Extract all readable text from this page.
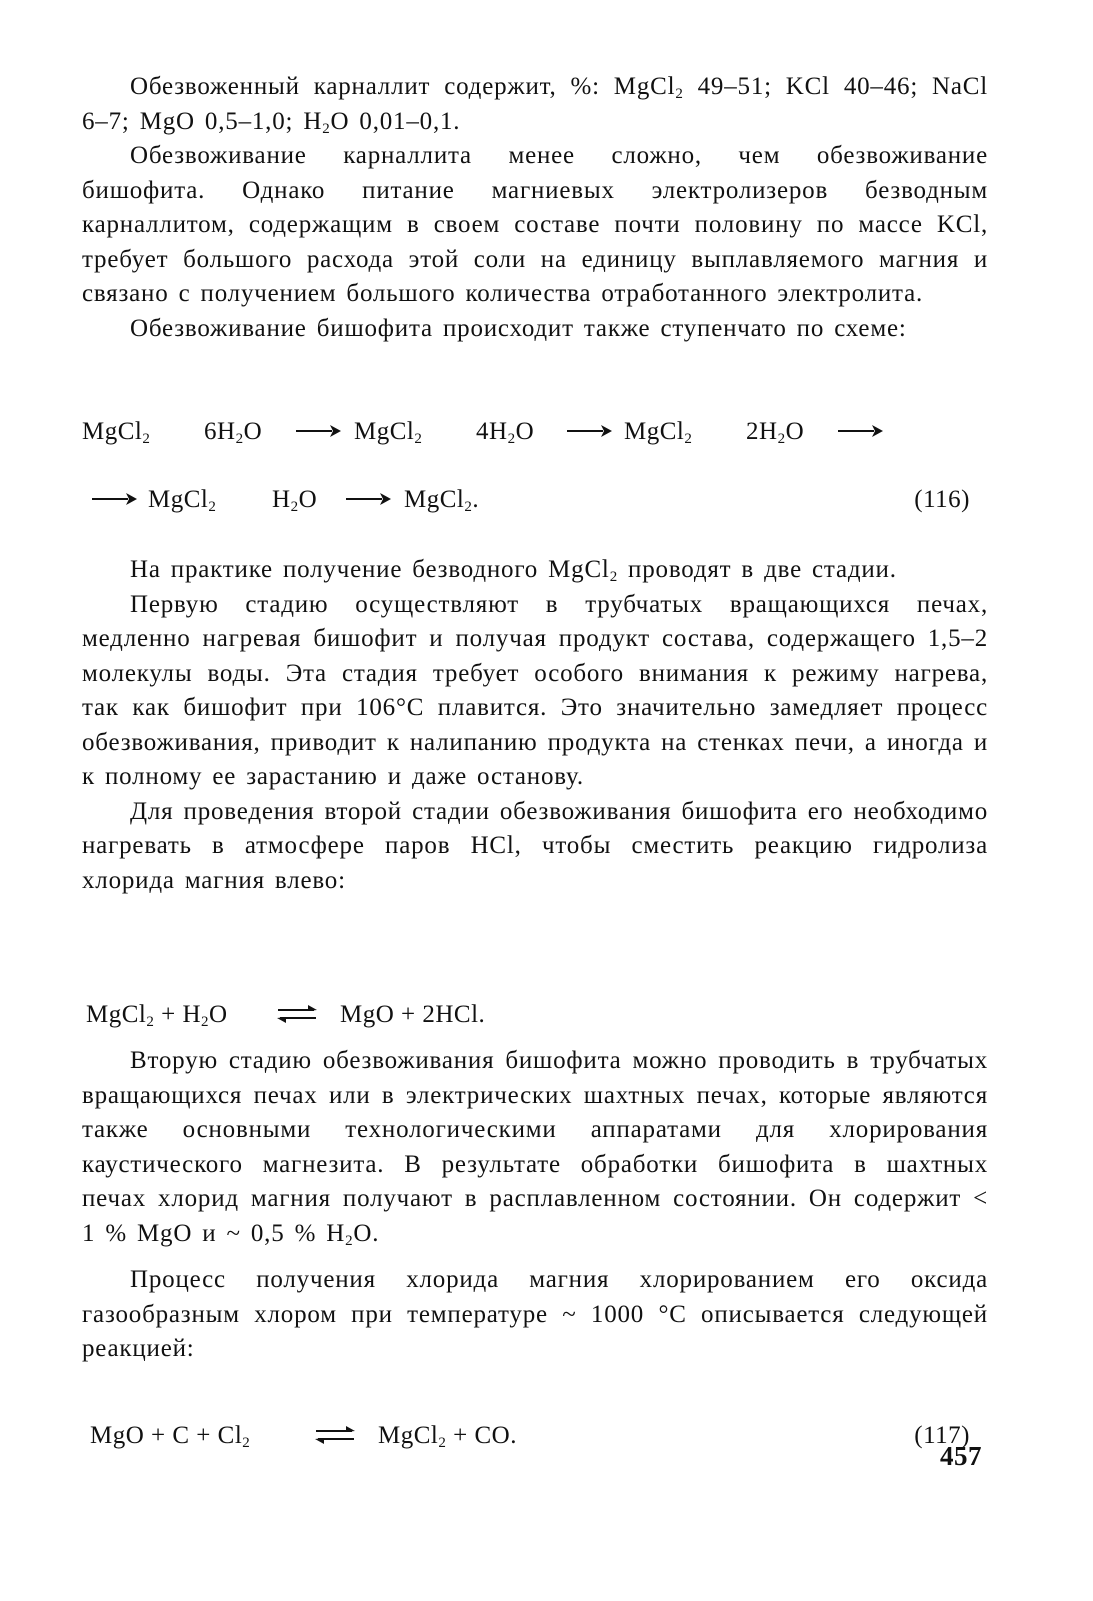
Обезвоженный карналлит содержит, %: MgCl$_2$ 49–51; KCl 40–46; NaCl 6–7; MgO 0,5–1,0; $H_2O$ 0,01–0,1.

Обезвоживание карналлита менее сложно, чем обезвоживание бишофита. Однако питание магниевых электролизеров безводным карналлитом, содержащим в своем составе почти половину по массе KCl, требует большого расхода этой соли на единицу выплавляемого магния и связано с получением большого количества отработанного электролита.

Обезвоживание бишофита происходит также ступенчато по схеме:

MgCl$_2$ $6H_2O$ → MgCl$_2$ $4H_2O$ → MgCl$_2$ $2H_2O$ →
→ MgCl$_2$ $H_2O$ → MgCl$_2$.	(116)

На практике получение безводного MgCl$_2$ проводят в две стадии.

Первую стадию осуществляют в трубчатых вращающихся печах, медленно нагревая бишофит и получая продукт состава, содержащего 1,5–2 молекулы воды. Эта стадия требует особого внимания к режиму нагрева, так как бишофит при 106°C плавится. Это значительно замедляет процесс обезвоживания, приводит к налипанию продукта на стенках печи, а иногда и к полному ее зарастанию и даже останову.

Для проведения второй стадии обезвоживания бишофита его необходимо нагревать в атмосфере паров HCl, чтобы сместить реакцию гидролиза хлорида магния влево:

MgCl$_2$ + $H_2O$ ⇌ MgO + 2HCl.

Вторую стадию обезвоживания бишофита можно проводить в трубчатых вращающихся печах или в электрических шахтных печах, которые являются также основными технологическими аппаратами для хлорирования каустического магнезита. В результате обработки бишофита в шахтных печах хлорид магния получают в расплавленном состоянии. Он содержит < 1 % MgO и ~ 0,5 % $H_2O$.

Процесс получения хлорида магния хлорированием его оксида газообразным хлором при температуре ~ 1000 °C описывается следующей реакцией:

MgO + $C + Cl_2$	⇌ MgCl$_2$ + CO.	(117)
457
